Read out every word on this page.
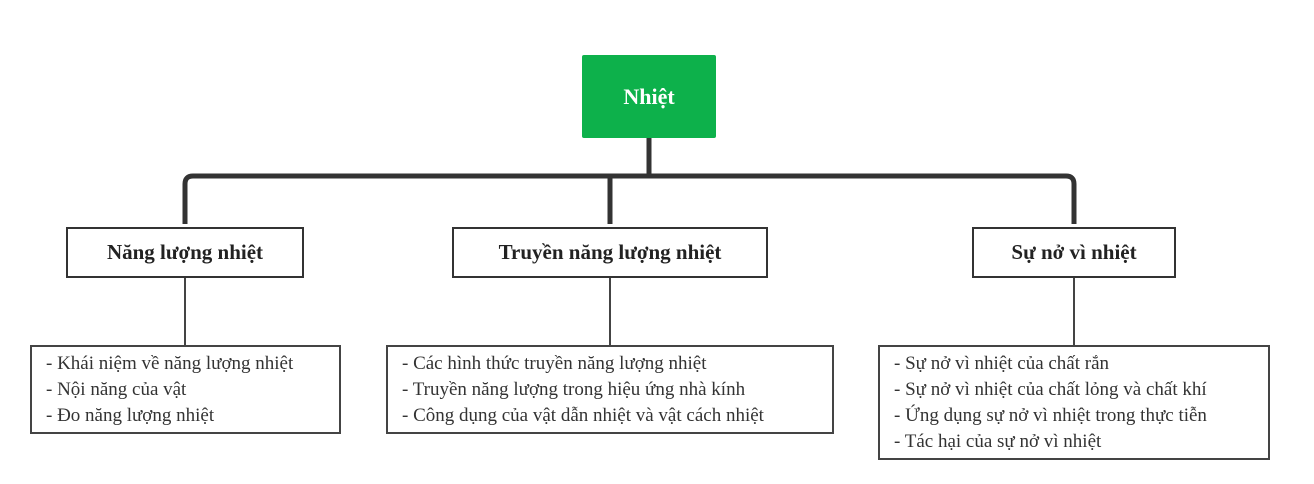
Nhiệt
Năng lượng nhiệt	Truyền năng lượng nhiệt	Sự nở vì nhiệt
- Khái niệm về năng lượng nhiệt
- Nội năng của vật
- Đo năng lượng nhiệt
- Các hình thức truyền năng lượng nhiệt
- Truyền năng lượng trong hiệu ứng nhà kính
- Công dụng của vật dẫn nhiệt và vật cách nhiệt
- Sự nở vì nhiệt của chất rắn
- Sự nở vì nhiệt của chất lỏng và chất khí
- Ứng dụng sự nở vì nhiệt trong thực tiễn
- Tác hại của sự nở vì nhiệt
